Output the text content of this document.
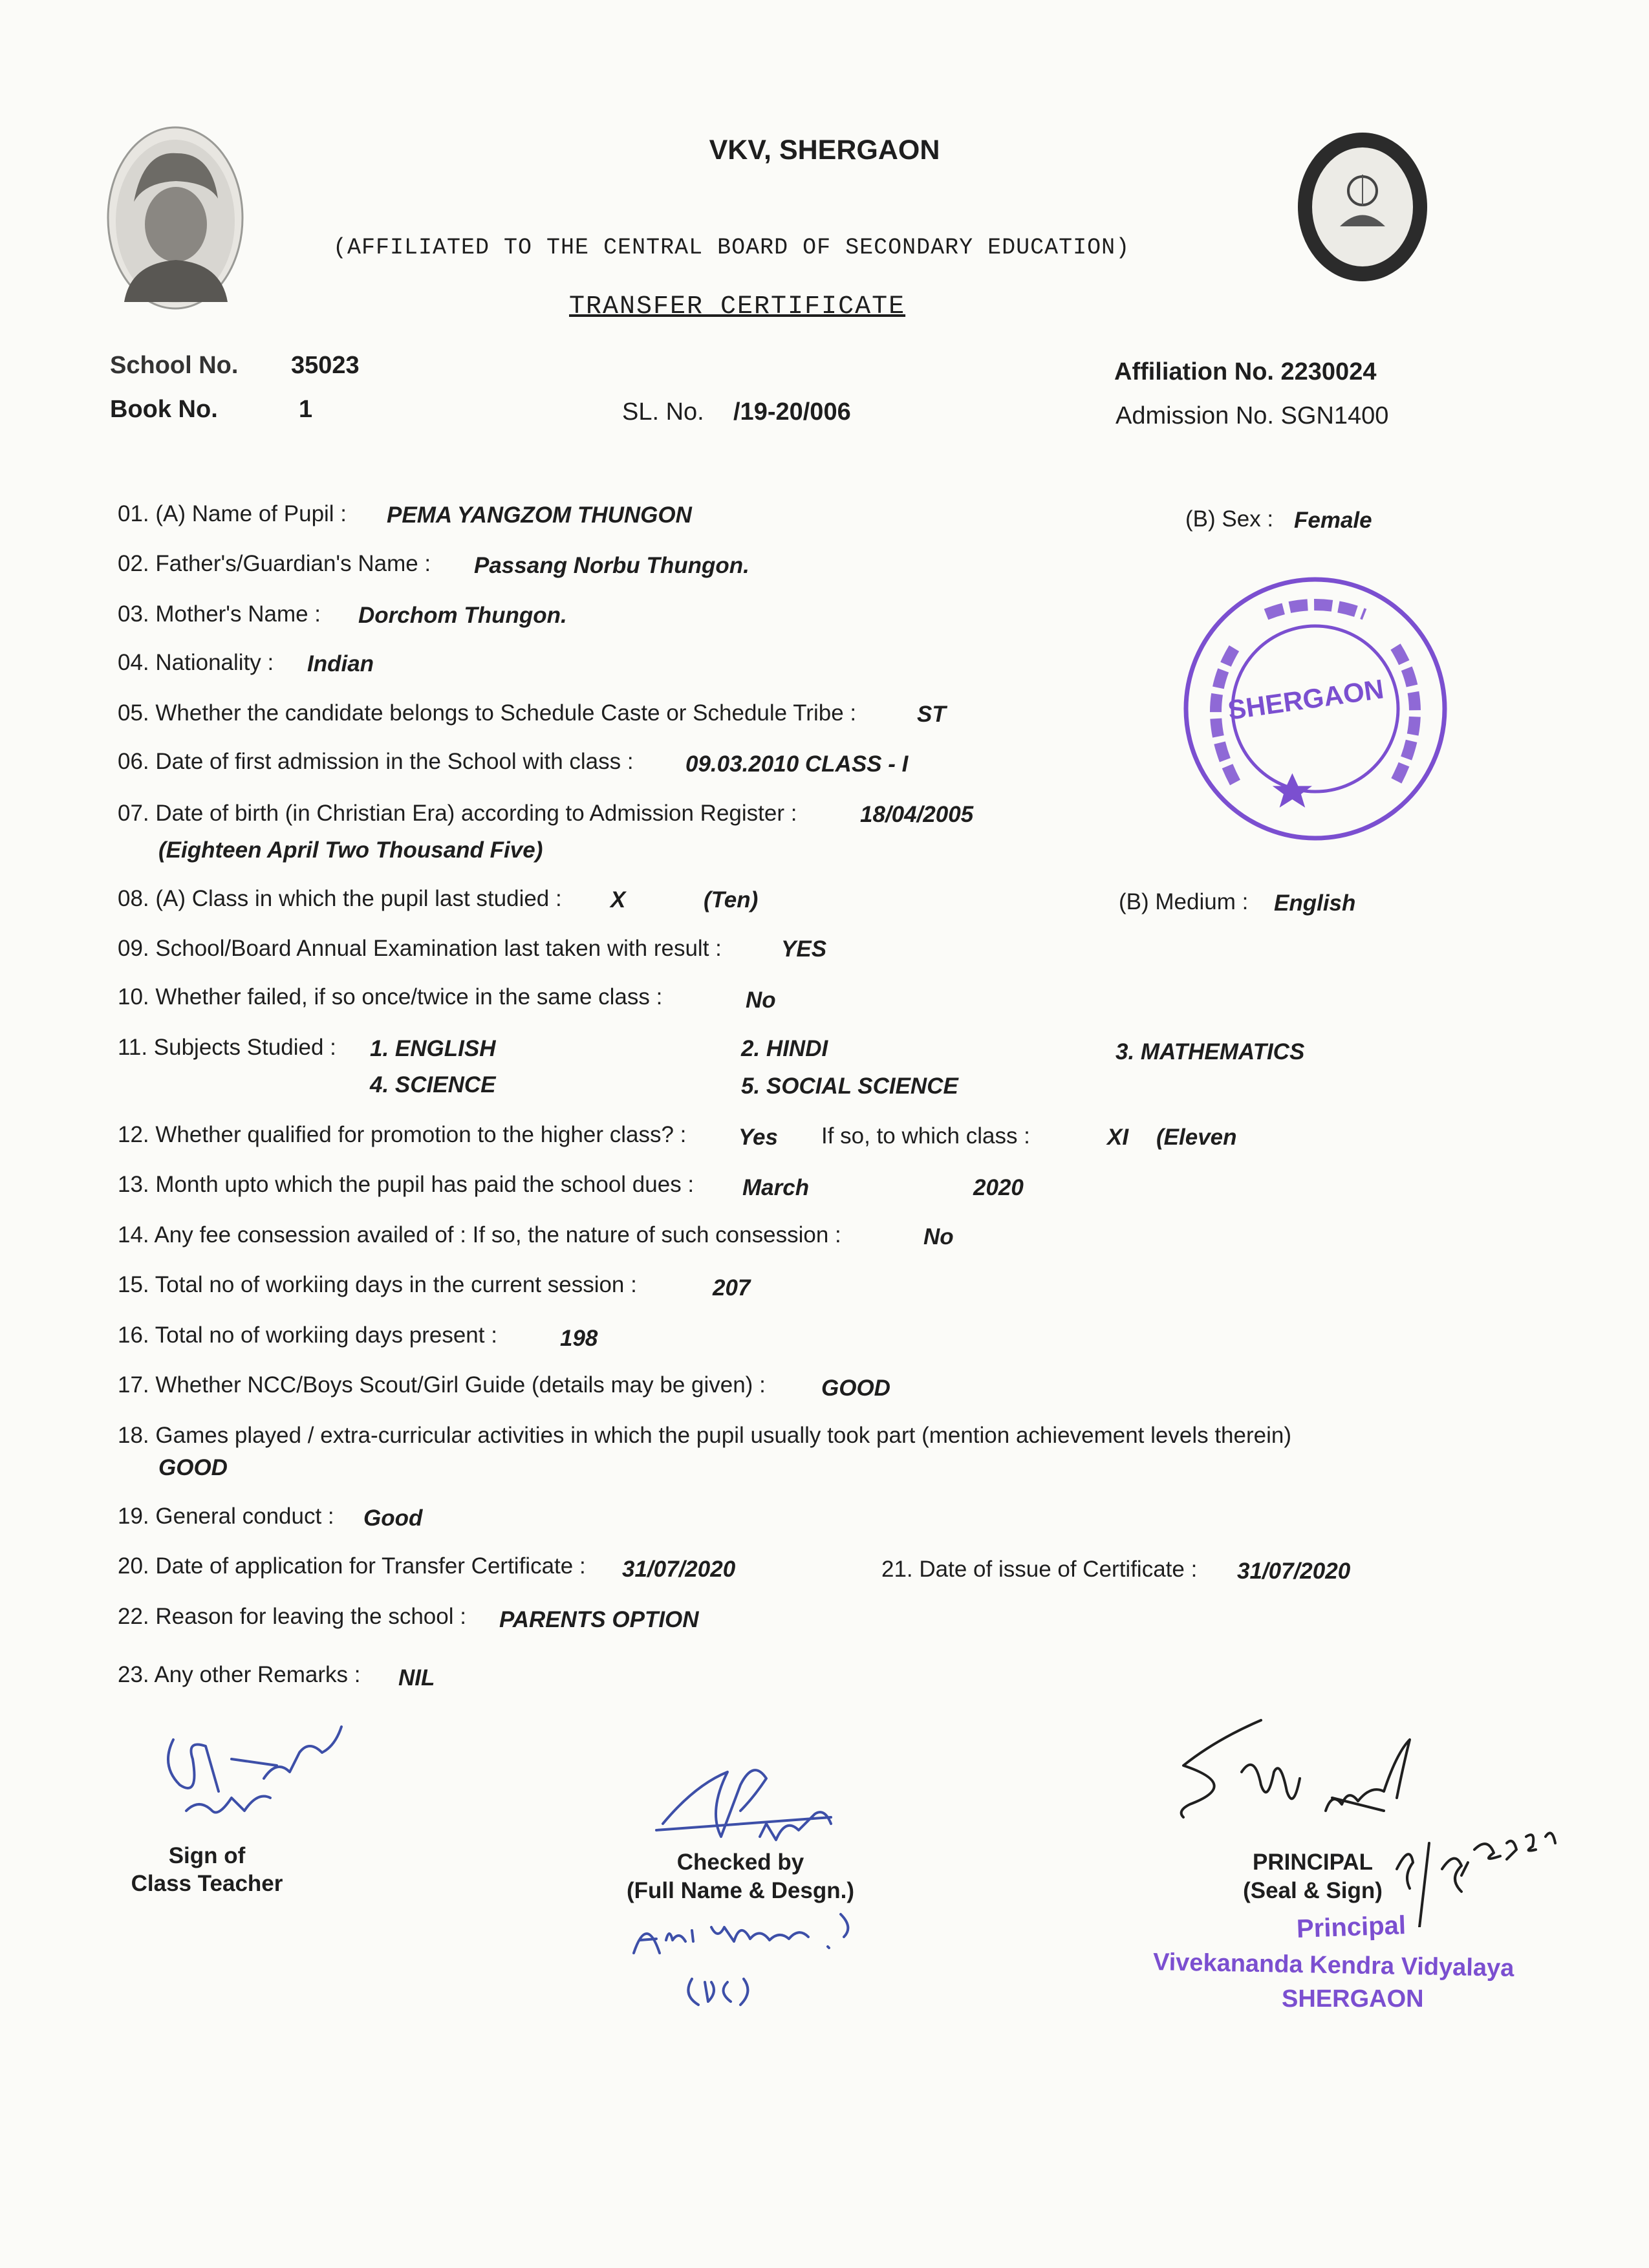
VKV, SHERGAON
(AFFILIATED TO THE CENTRAL BOARD OF SECONDARY EDUCATION)
TRANSFER CERTIFICATE
School No. 35023
Book No.	1	SL. No. /19-20/006
Affiliation No. 2230024
Admission No. SGN1400
01. (A) Name of Pupil : PEMA YANGZOM THUNGON	(B) Sex : Female
02. Father's/Guardian's Name : Passang Norbu Thungon.
03. Mother's Name : Dorchom Thungon.
04. Nationality : Indian
05. Whether the candidate belongs to Schedule Caste or Schedule Tribe :	ST
06. Date of first admission in the School with class : 09.03.2010 CLASS - I
07. Date of birth (in Christian Era) according to Admission Register :	18/04/2005
(Eighteen April Two Thousand Five)
08. (A) Class in which the pupil last studied : X	(Ten)	(B) Medium : English
09. School/Board Annual Examination last taken with result :	YES
10. Whether failed, if so once/twice in the same class :	No
11. Subjects Studied : 1. ENGLISH	2. HINDI	3. MATHEMATICS
4. SCIENCE	5. SOCIAL SCIENCE
12. Whether qualified for promotion to the higher class? : Yes If so, to which class :	XI (Eleven
13. Month upto which the pupil has paid the school dues : March	2020
14. Any fee consession availed of : If so, the nature of such consession :	No
15. Total no of workiing days in the current session :	207
16. Total no of workiing days present :	198
17. Whether NCC/Boys Scout/Girl Guide (details may be given) : GOOD
18. Games played / extra-curricular activities in which the pupil usually took part (mention achievement levels therein)
GOOD
19. General conduct : Good
20. Date of application for Transfer Certificate : 31/07/2020	21. Date of issue of Certificate : 31/07/2020
22. Reason for leaving the school : PARENTS OPTION
23. Any other Remarks : NIL
SHERGAON
Sign of
Class Teacher
Checked by
(Full Name & Desgn.)
PRINCIPAL
(Seal & Sign)
Principal
Vivekananda Kendra Vidyalaya
SHERGAON
